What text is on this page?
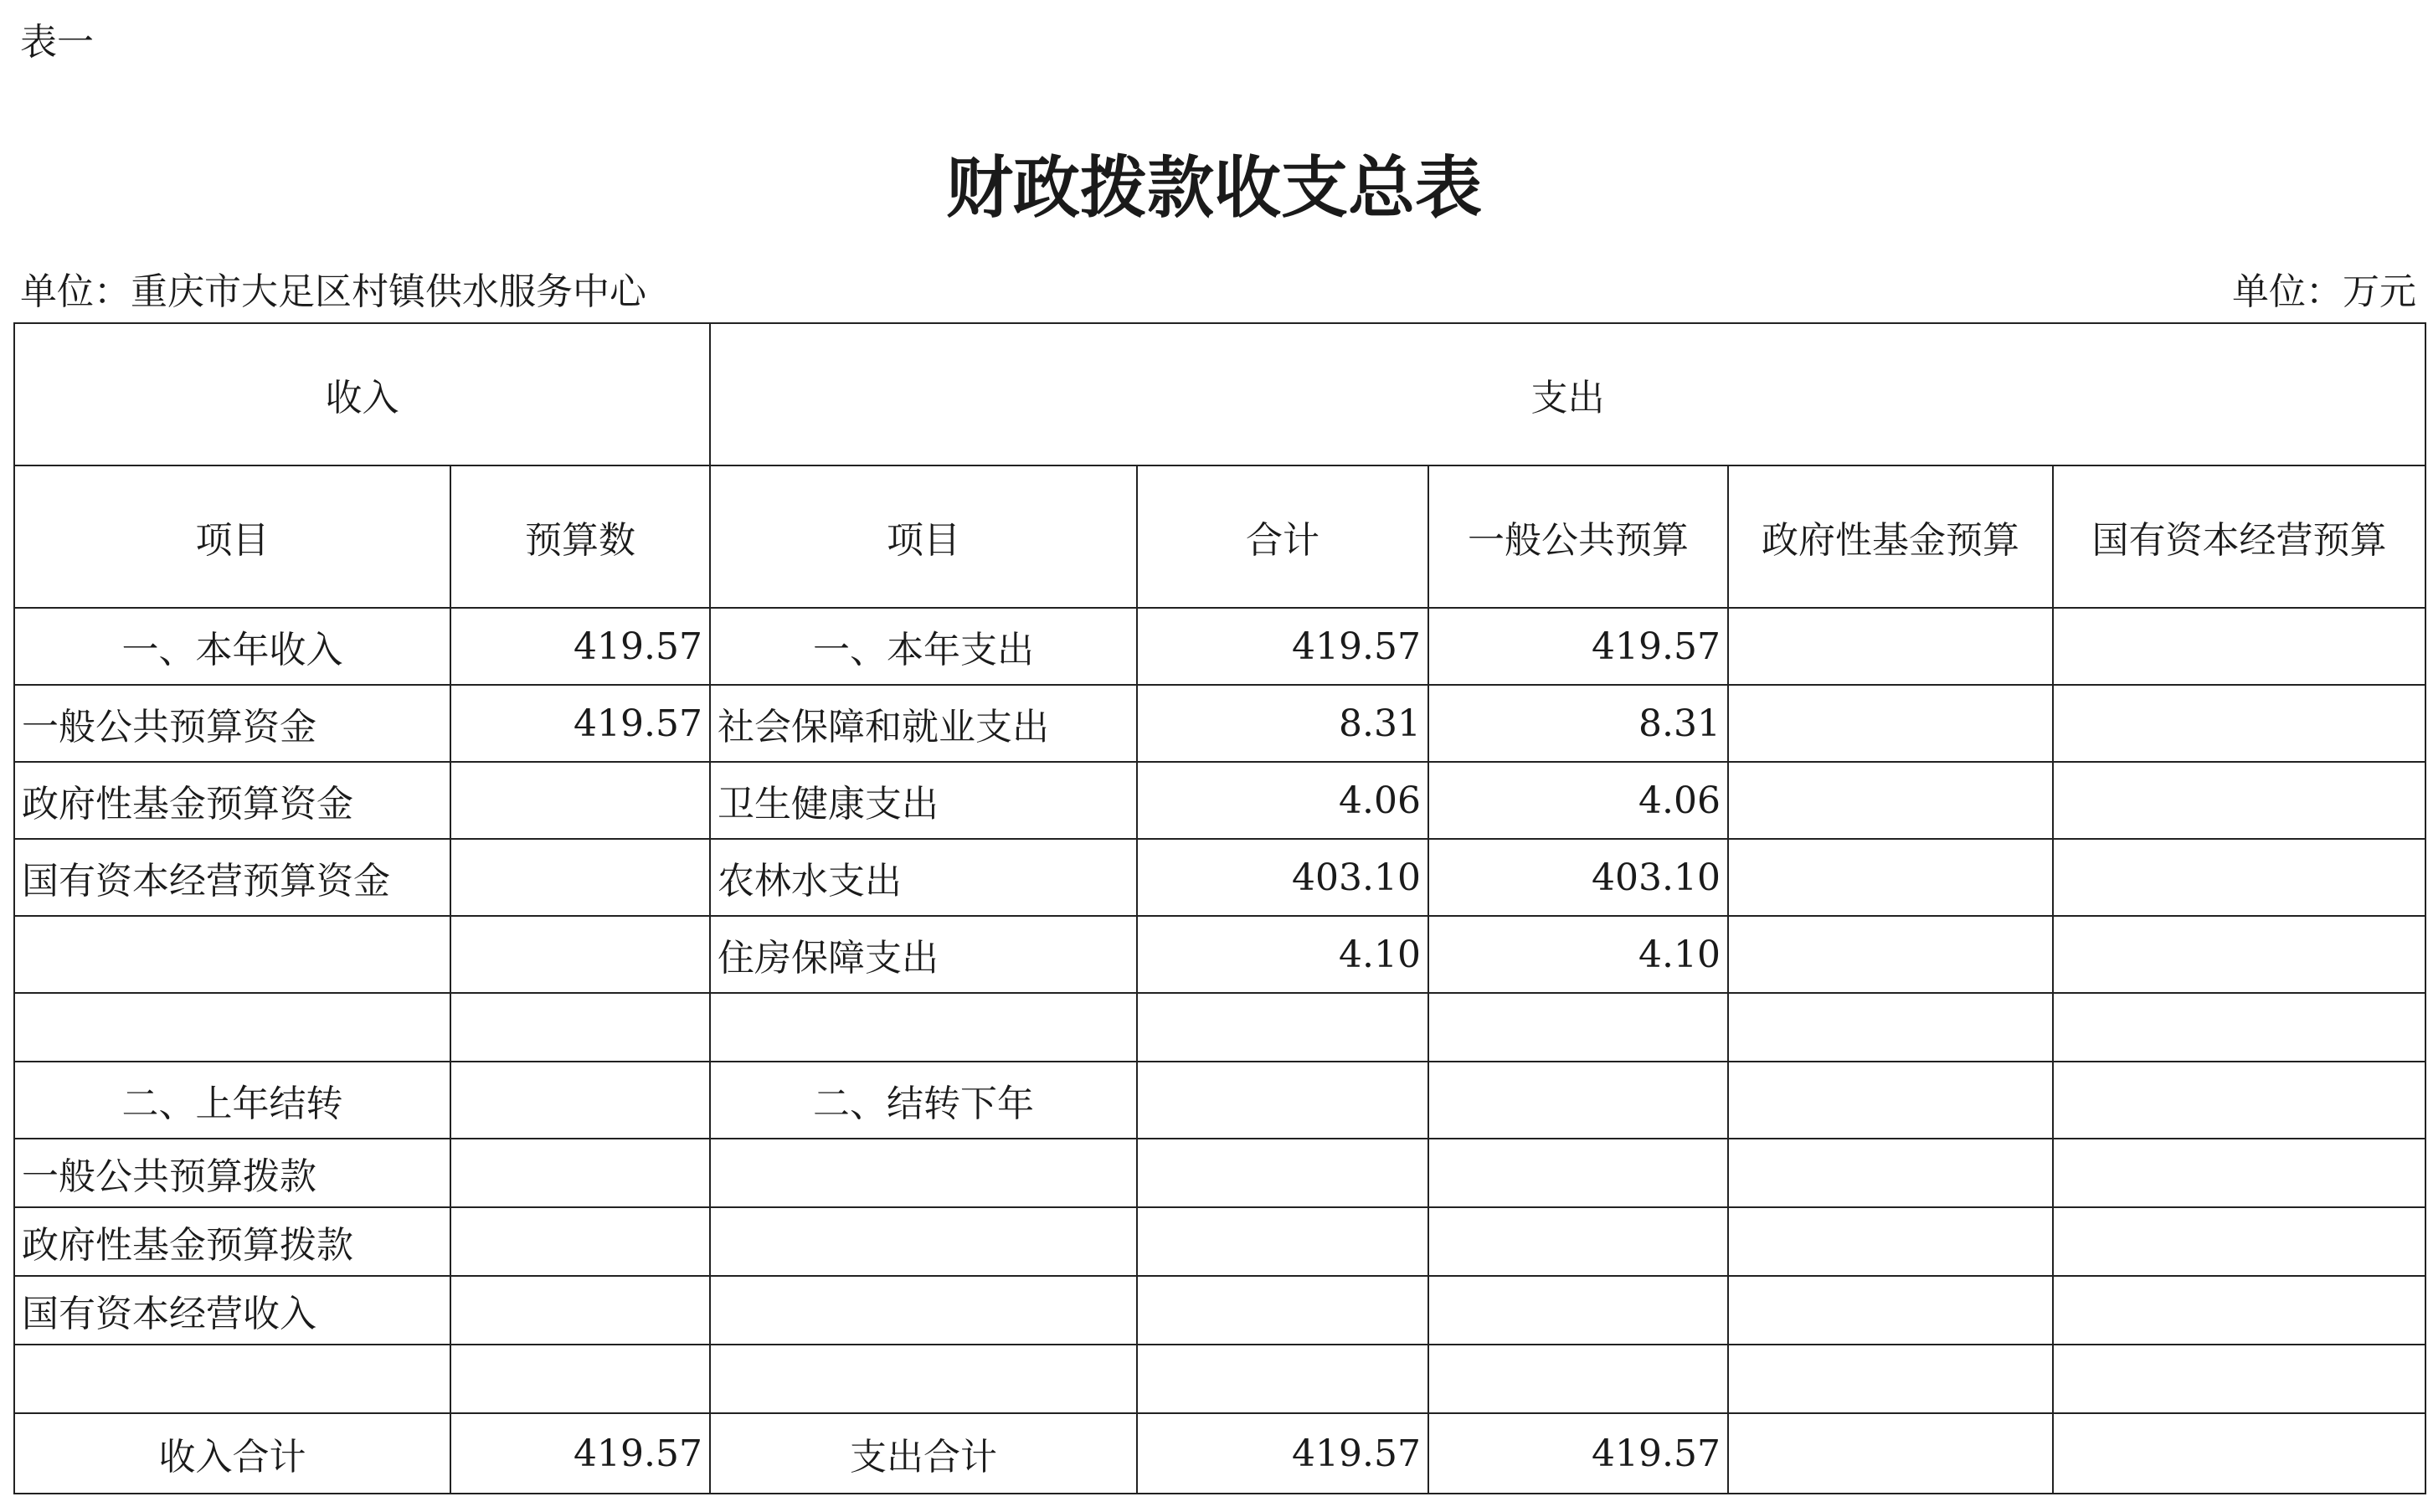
表一
财政拨款收支总表
单位：重庆市大足区村镇供水服务中心	单位：万元
收入		支出				
项目	预算数	项目	合计	一般公共预算	政府性基金预算	国有资本经营预算
一、本年收入	419.57	一、本年支出	419.57	419.57		
一般公共预算资金	419.57	社会保障和就业支出	8.31	8.31		
政府性基金预算资金		卫生健康支出	4.06	4.06		
国有资本经营预算资金		农林水支出	403.10	403.10		
		住房保障支出	4.10	4.10		

二、上年结转		二、结转下年				
一般公共预算拨款						
政府性基金预算拨款						
国有资本经营收入						

收入合计	419.57	支出合计	419.57	419.57		
